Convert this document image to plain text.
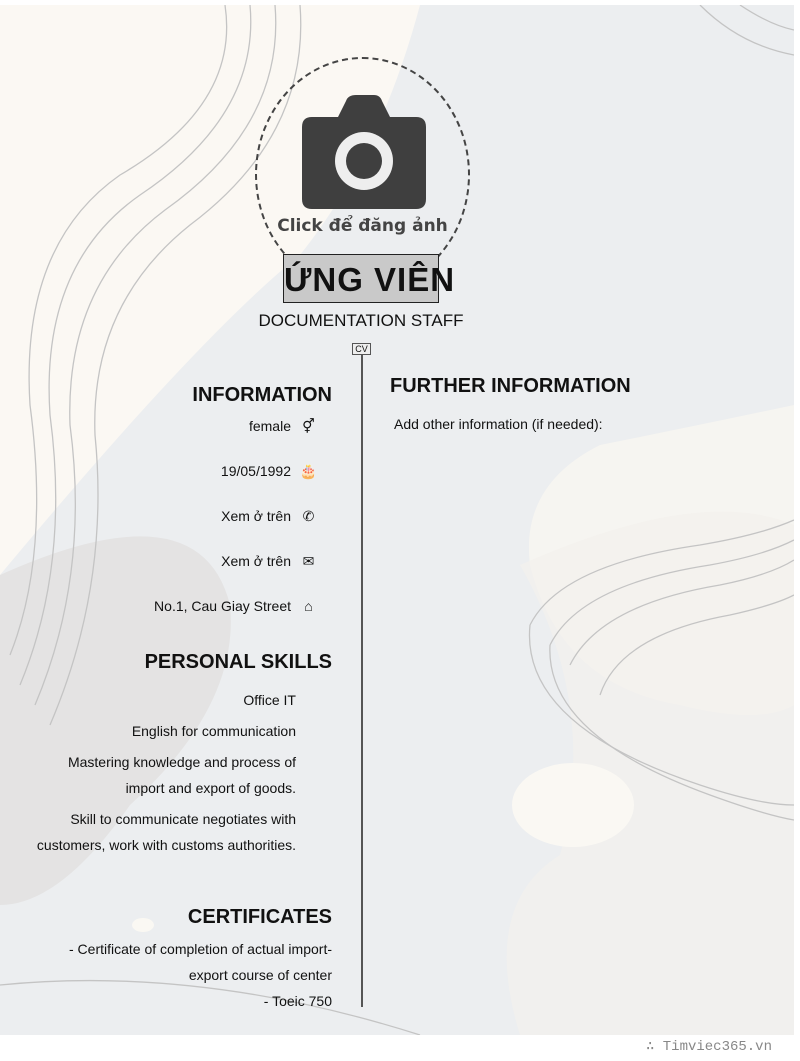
Click để đăng ảnh
ỨNG VIÊN
DOCUMENTATION STAFF
CV
INFORMATION
female ⚥
19/05/1992 🎂
Xem ở trên ✆
Xem ở trên ✉
No.1, Cau Giay Street ⌂
PERSONAL SKILLS
Office IT
English for communication
Mastering knowledge and process of import and export of goods.
Skill to communicate negotiates with customers, work with customs authorities.
CERTIFICATES
- Certificate of completion of actual import-export course of center
- Toeic 750
FURTHER INFORMATION
Add other information (if needed):
∴ Timviec365.vn
